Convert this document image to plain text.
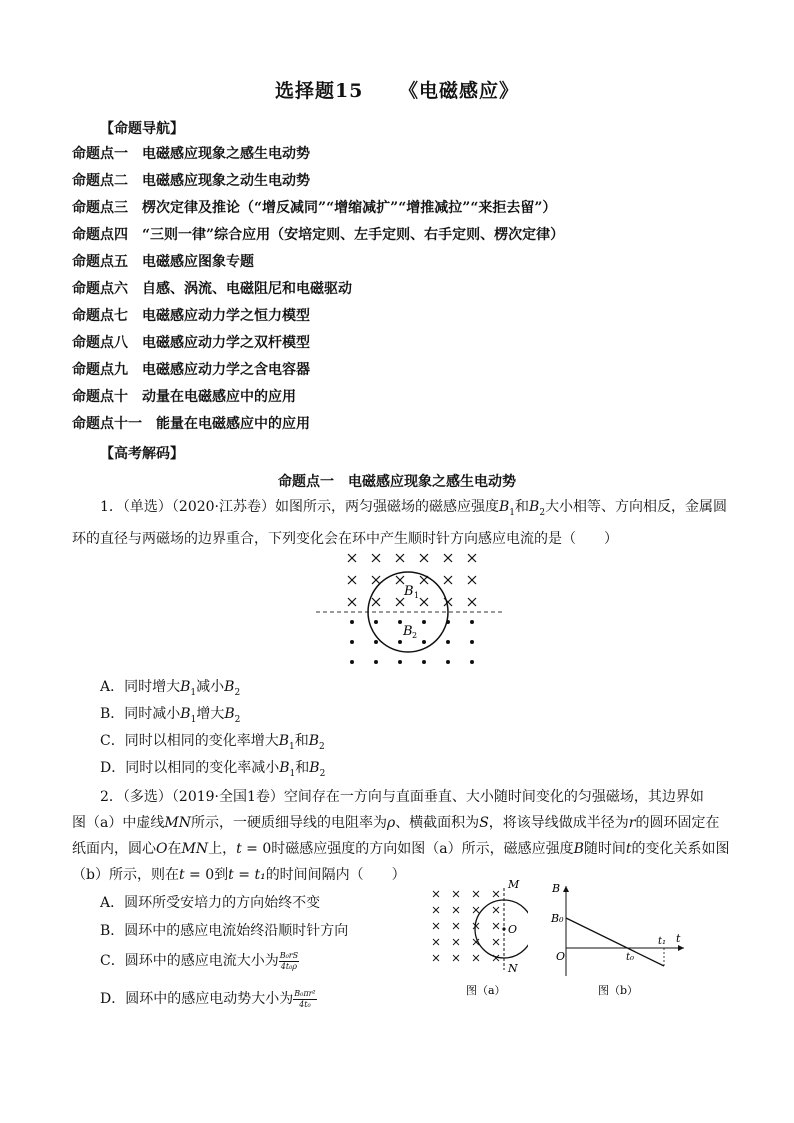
选择题15 《电磁感应》
【命题导航】
命题点一 电磁感应现象之感生电动势
命题点二 电磁感应现象之动生电动势
命题点三 楞次定律及推论（“增反减同”“增缩减扩”“增推减拉”“来拒去留”）
命题点四 “三则一律”综合应用（安培定则、左手定则、右手定则、楞次定律）
命题点五 电磁感应图象专题
命题点六 自感、涡流、电磁阻尼和电磁驱动
命题点七 电磁感应动力学之恒力模型
命题点八 电磁感应动力学之双杆模型
命题点九 电磁感应动力学之含电容器
命题点十 动量在电磁感应中的应用
命题点十一 能量在电磁感应中的应用
【高考解码】
命题点一　电磁感应现象之感生电动势
1．（单选）（2020·江苏卷）如图所示，两匀强磁场的磁感应强度$B_1$和$B_2$大小相等、方向相反，金属圆环的直径与两磁场的边界重合，下列变化会在环中产生顺时针方向感应电流的是（　　）
B 1
B 2
A．同时增大$B_1$减小$B_2$
B．同时减小$B_1$增大$B_2$
C．同时以相同的变化率增大$B_1$和$B_2$
D．同时以相同的变化率减小$B_1$和$B_2$
2．（多选）（2019·全国1卷）空间存在一方向与直面垂直、大小随时间变化的匀强磁场，其边界如
图（a）中虚线MN所示，一硬质细导线的电阻率为ρ、横截面积为S，将该导线做成半径为r的圆环固定在
纸面内，圆心O在MN上，t = 0时磁感应强度的方向如图（a）所示，磁感应强度B随时间t的变化关系如图
（b）所示，则在t = 0到t = t₁的时间间隔内（　　）
A．圆环所受安培力的方向始终不变
B．圆环中的感应电流始终沿顺时针方向
C．圆环中的感应电流大小为 $\frac{\text{B₀rS}}{\text{4t₀ρ}}$
D．圆环中的感应电动势大小为 $\frac{\text{B₀πr²}}{\text{4t₀}}$
M
N
O
图（a）
B
B₀
O
t
t₀
t₁
图（b）
